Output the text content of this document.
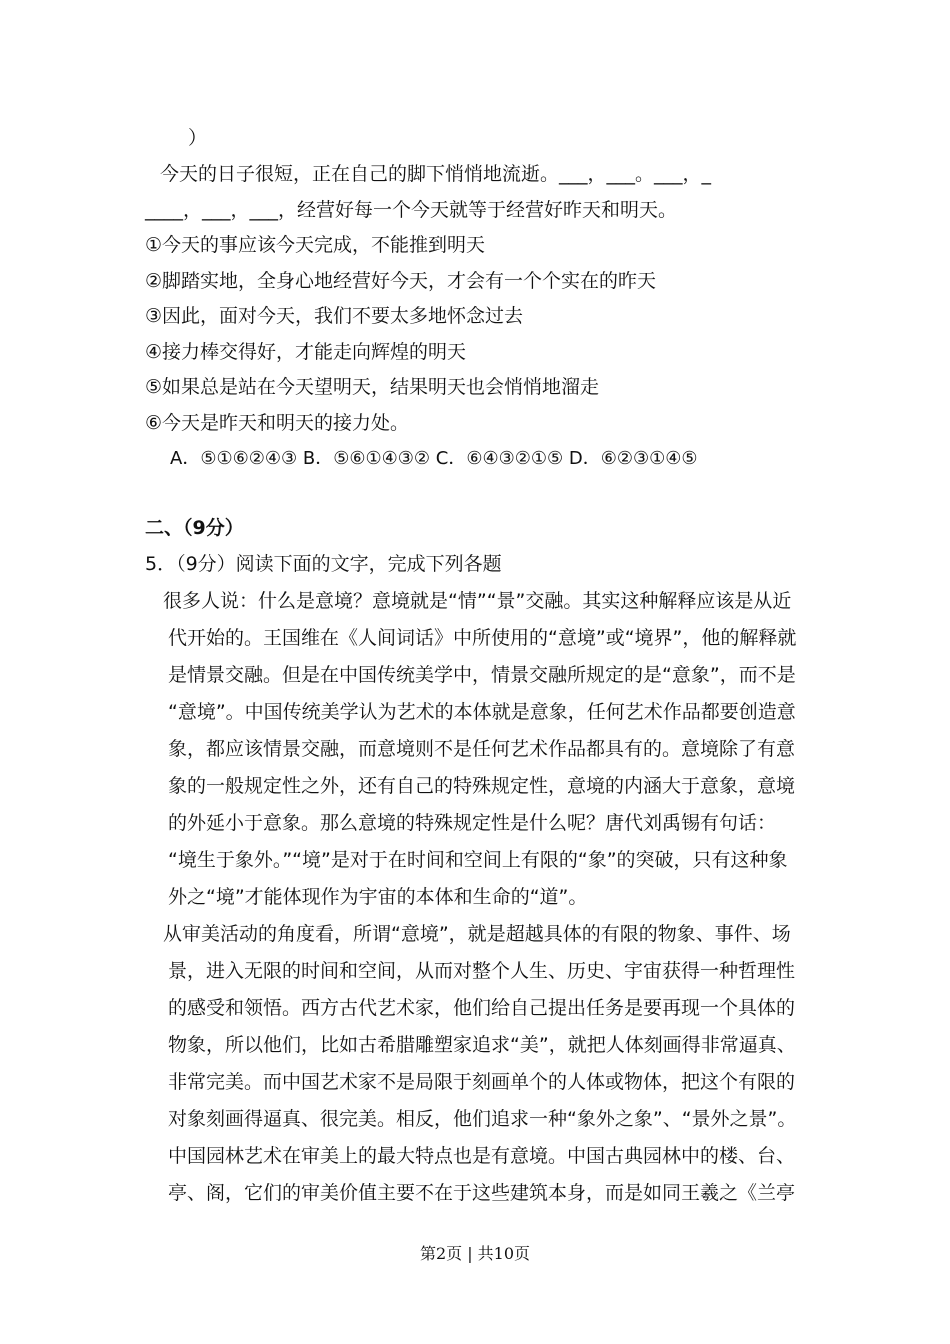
）
今天的日子很短，正在自己的脚下悄悄地流逝。___，___。___，_
____，___，___，经营好每一个今天就等于经营好昨天和明天。
①今天的事应该今天完成，不能推到明天
②脚踏实地，全身心地经营好今天，才会有一个个实在的昨天
③因此，面对今天，我们不要太多地怀念过去
④接力棒交得好，才能走向辉煌的明天
⑤如果总是站在今天望明天，结果明天也会悄悄地溜走
⑥今天是昨天和明天的接力处。
A．⑤①⑥②④③ B．⑤⑥①④③② C．⑥④③②①⑤ D．⑥②③①④⑤
二、（9分）
5．（9分）阅读下面的文字，完成下列各题
很多人说：什么是意境？意境就是“情”“景”交融。其实这种解释应该是从近
代开始的。王国维在《人间词话》中所使用的“意境”或“境界”，他的解释就
是情景交融。但是在中国传统美学中，情景交融所规定的是“意象”，而不是
“意境”。中国传统美学认为艺术的本体就是意象，任何艺术作品都要创造意
象，都应该情景交融，而意境则不是任何艺术作品都具有的。意境除了有意
象的一般规定性之外，还有自己的特殊规定性，意境的内涵大于意象，意境
的外延小于意象。那么意境的特殊规定性是什么呢？唐代刘禹锡有句话：
“境生于象外。”“境”是对于在时间和空间上有限的“象”的突破，只有这种象
外之“境”才能体现作为宇宙的本体和生命的“道”。
从审美活动的角度看，所谓“意境”，就是超越具体的有限的物象、事件、场
景，进入无限的时间和空间，从而对整个人生、历史、宇宙获得一种哲理性
的感受和领悟。西方古代艺术家，他们给自己提出任务是要再现一个具体的
物象，所以他们，比如古希腊雕塑家追求“美”，就把人体刻画得非常逼真、
非常完美。而中国艺术家不是局限于刻画单个的人体或物体，把这个有限的
对象刻画得逼真、很完美。相反，他们追求一种“象外之象”、“景外之景”。
中国园林艺术在审美上的最大特点也是有意境。中国古典园林中的楼、台、
亭、阁，它们的审美价值主要不在于这些建筑本身，而是如同王羲之《兰亭
第2页 | 共10页
